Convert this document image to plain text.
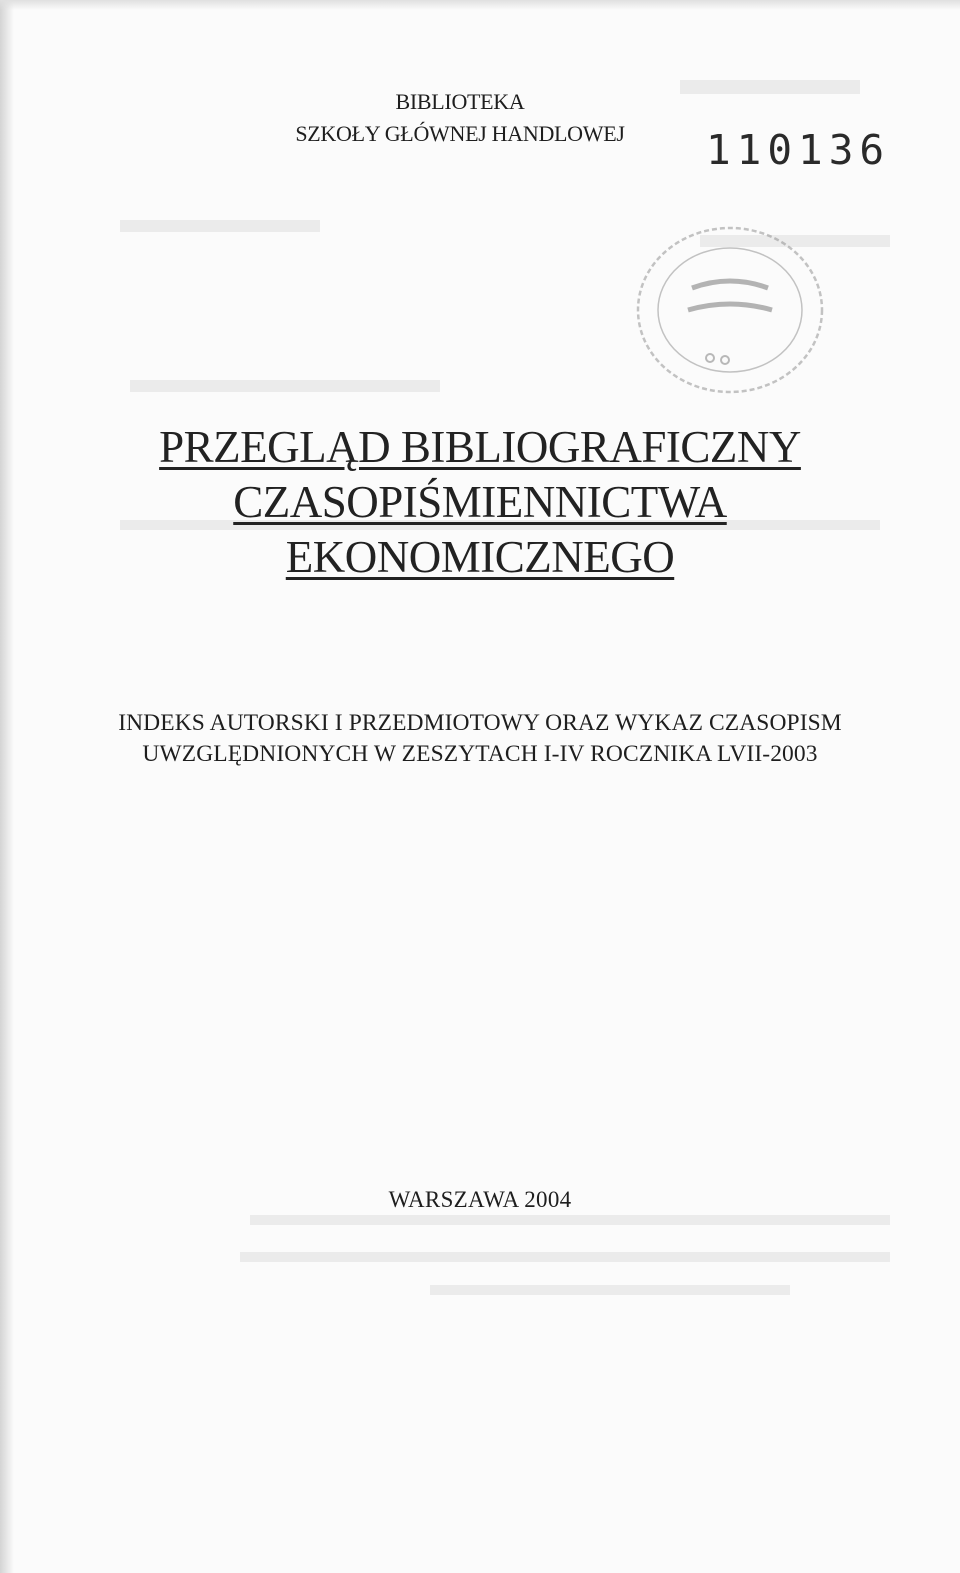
BIBLIOTEKA
SZKOŁY GŁÓWNEJ HANDLOWEJ	110136
PRZEGLĄD BIBLIOGRAFICZNY
CZASOPIŚMIENNICTWA
EKONOMICZNEGO
INDEKS AUTORSKI I PRZEDMIOTOWY ORAZ WYKAZ CZASOPISM
UWZGLĘDNIONYCH W ZESZYTACH I-IV ROCZNIKA LVII-2003
WARSZAWA 2004
